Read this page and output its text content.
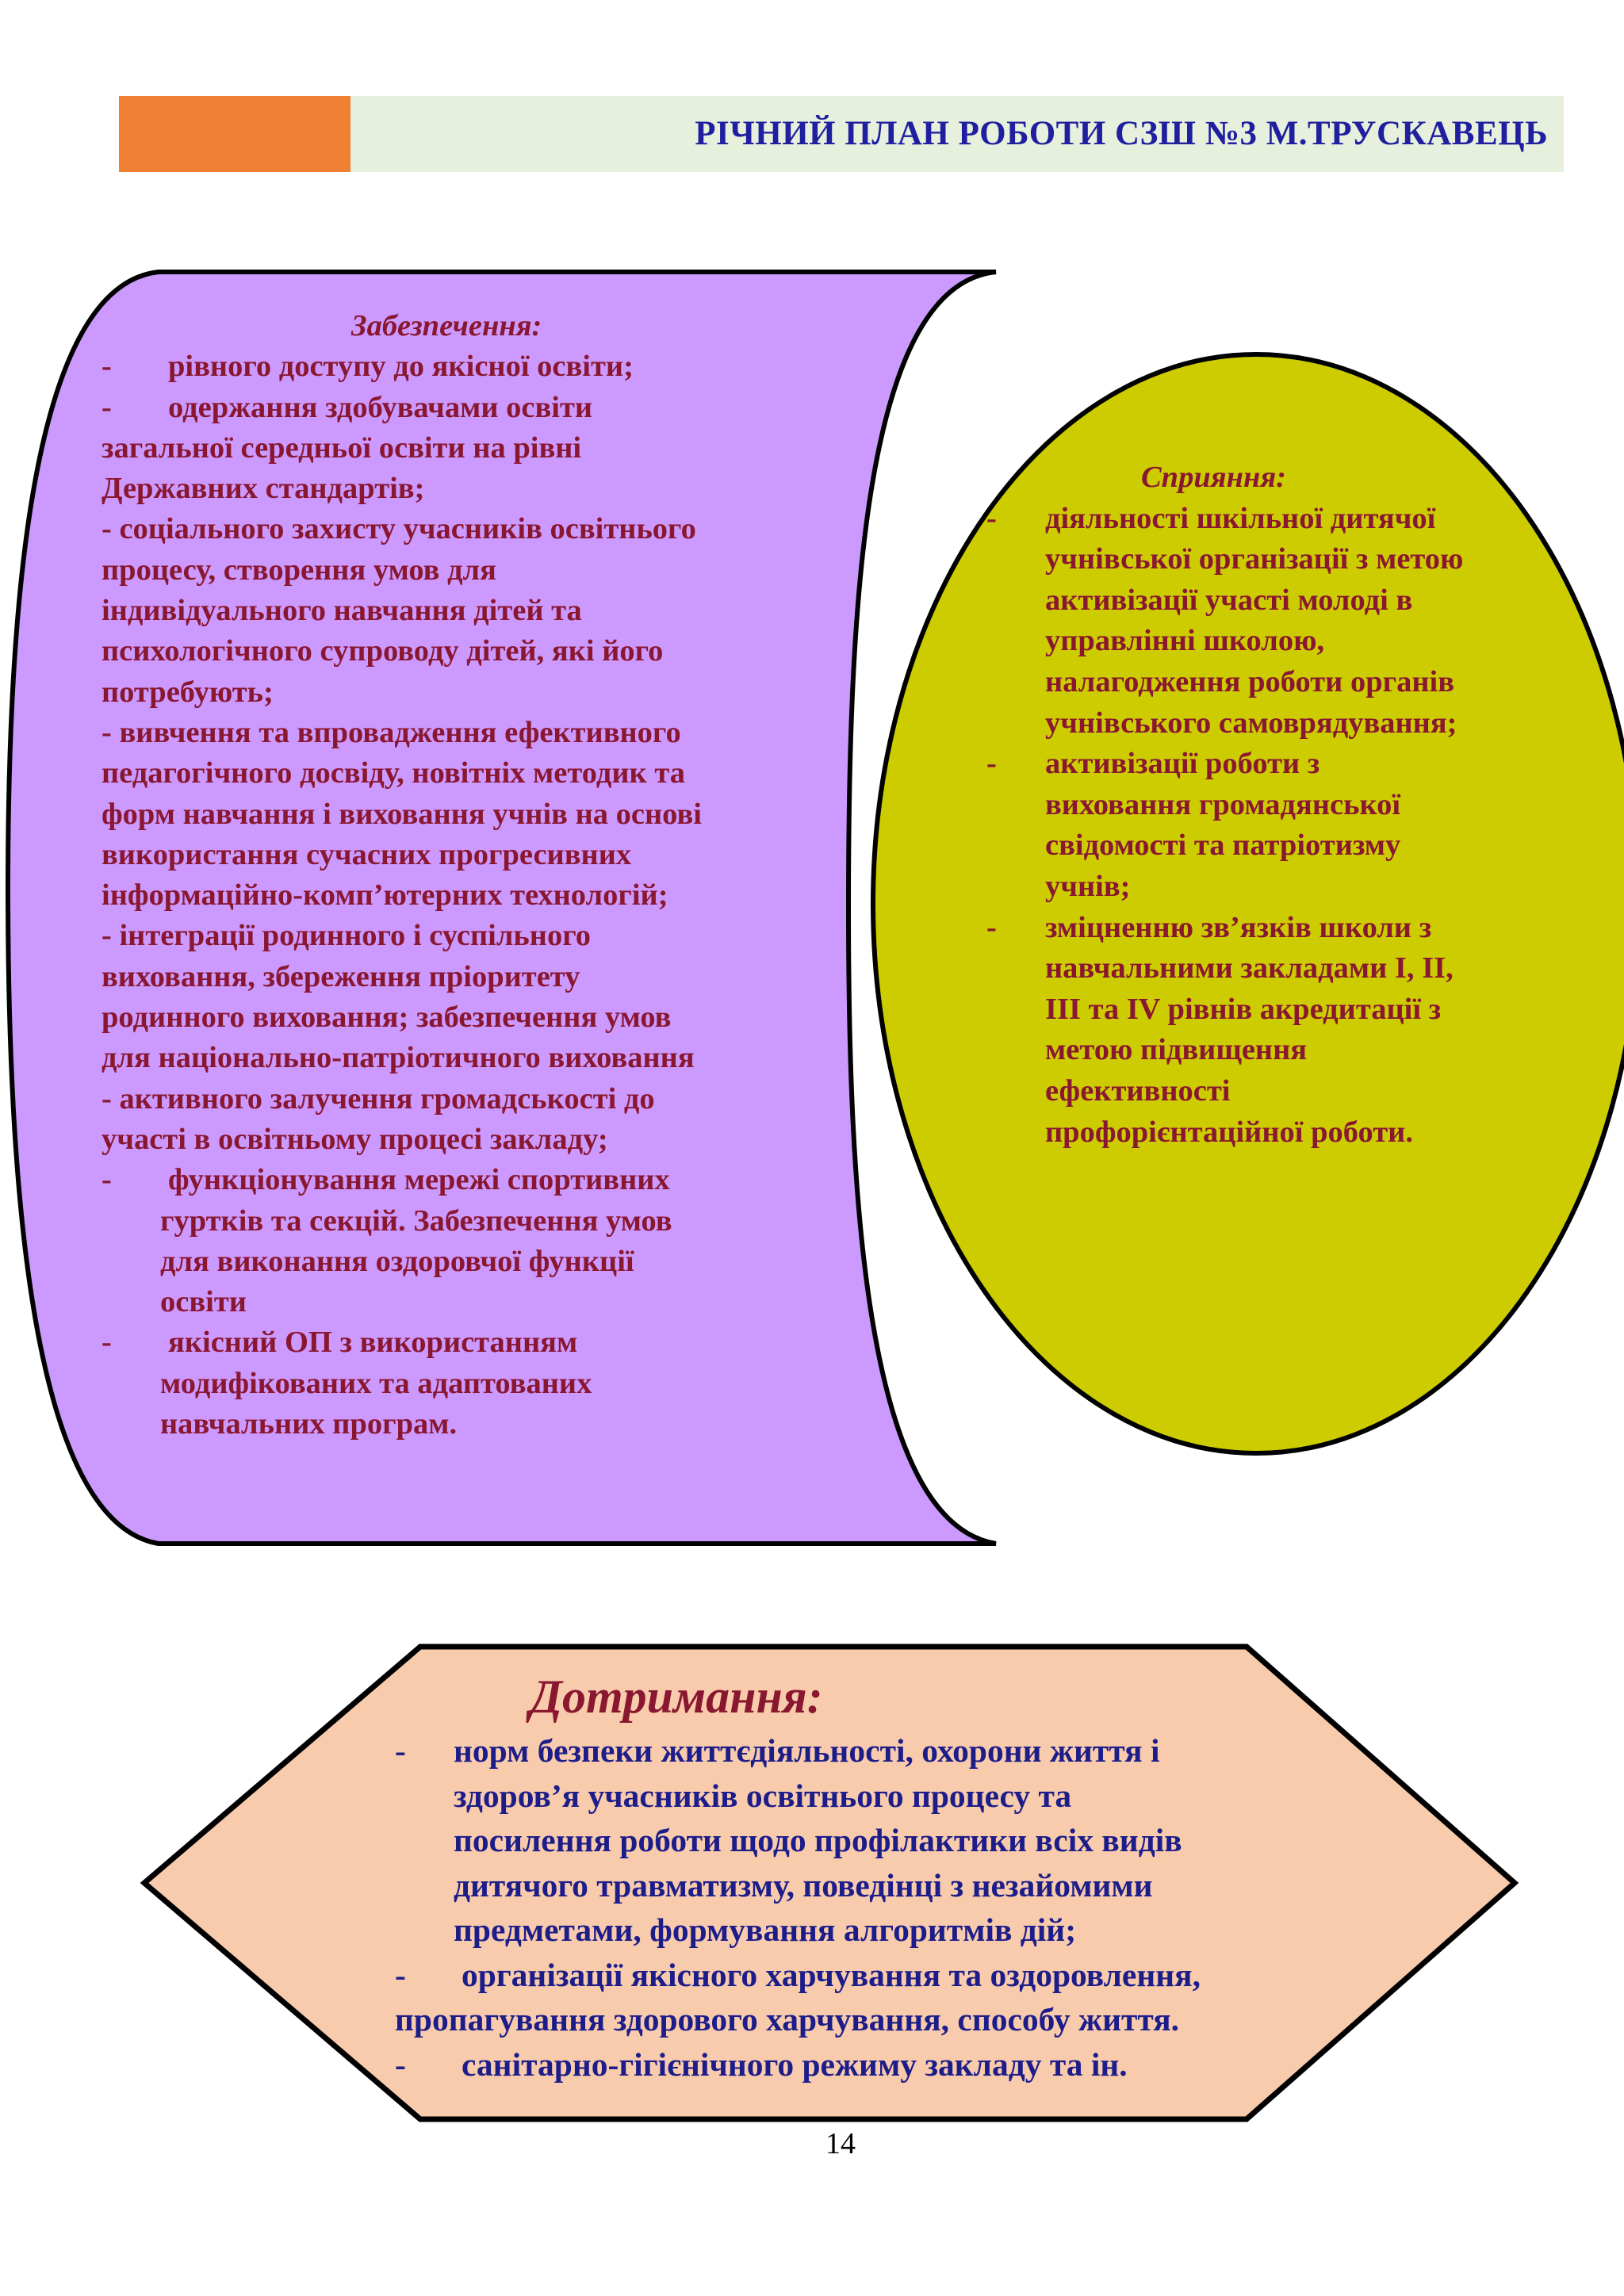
РІЧНИЙ ПЛАН РОБОТИ СЗШ №3 М.ТРУСКАВЕЦЬ
Забезпечення:
- рівного доступу до якісної освіти;
- одержання здобувачами освіти
загальної середньої освіти на рівні
Державних стандартів;
- соціального захисту учасників освітнього
процесу, створення умов для
індивідуального навчання дітей та
психологічного супроводу дітей, які його
потребують;
- вивчення та впровадження ефективного
педагогічного досвіду, новітніх методик та
форм навчання і виховання учнів на основі
використання сучасних прогресивних
інформаційно-комп’ютерних технологій;
- інтеграції родинного і суспільного
виховання, збереження пріоритету
родинного виховання; забезпечення умов
для національно-патріотичного виховання
- активного залучення громадськості до
участі в освітньому процесі закладу;
- функціонування мережі спортивних
гуртків та секцій. Забезпечення умов
для виконання оздоровчої функції
освіти
- якісний ОП з використанням
модифікованих та адаптованих
навчальних програм.
Сприяння:
- діяльності шкільної дитячої
учнівської організації з метою
активізації участі молоді в
управлінні школою,
налагодження роботи органів
учнівського самоврядування;
- активізації роботи з
виховання громадянської
свідомості та патріотизму
учнів;
- зміцненню зв’язків школи з
навчальними закладами І, ІІ,
ІІІ та IV рівнів акредитації з
метою підвищення
ефективності
профорієнтаційної роботи.
Дотримання:
- норм безпеки життєдіяльності, охорони життя і
здоров’я учасників освітнього процесу та
посилення роботи щодо профілактики всіх видів
дитячого травматизму, поведінці з незайомими
предметами, формування алгоритмів дій;
- організації якісного харчування та оздоровлення,
пропагування здорового харчування, способу життя.
- санітарно-гігієнічного режиму закладу та ін.
14
